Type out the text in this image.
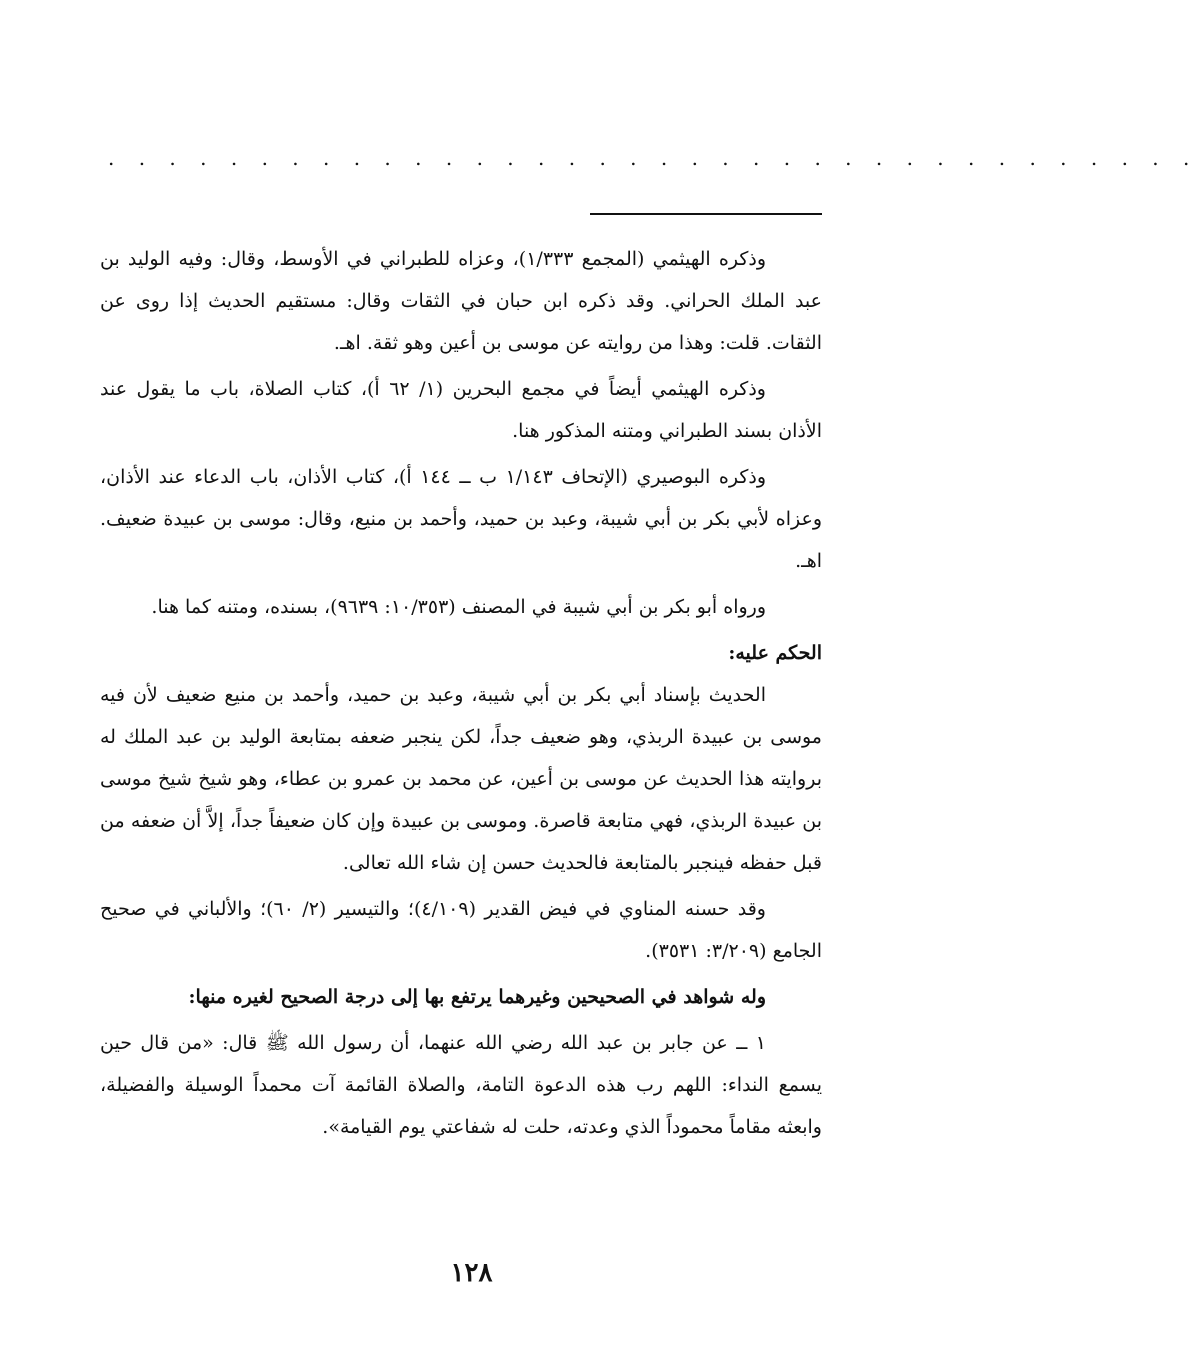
. . . . . . . . . . . . . . . . . . . . . . . . . . . . . . . . . . . .

وذكره الهيثمي (المجمع ١/٣٣٣)، وعزاه للطبراني في الأوسط، وقال: وفيه الوليد بن عبد الملك الحراني. وقد ذكره ابن حبان في الثقات وقال: مستقيم الحديث إذا روى عن الثقات. قلت: وهذا من روايته عن موسى بن أعين وهو ثقة. اهـ.

وذكره الهيثمي أيضاً في مجمع البحرين (١/ ٦٢ أ)، كتاب الصلاة، باب ما يقول عند الأذان بسند الطبراني ومتنه المذكور هنا.

وذكره البوصيري (الإتحاف ١/١٤٣ ب ــ ١٤٤ أ)، كتاب الأذان، باب الدعاء عند الأذان، وعزاه لأبي بكر بن أبي شيبة، وعبد بن حميد، وأحمد بن منيع، وقال: موسى بن عبيدة ضعيف. اهـ.

ورواه أبو بكر بن أبي شيبة في المصنف (١٠/٣٥٣: ٩٦٣٩)، بسنده، ومتنه كما هنا.

الحكم عليه:

الحديث بإسناد أبي بكر بن أبي شيبة، وعبد بن حميد، وأحمد بن منيع ضعيف لأن فيه موسى بن عبيدة الربذي، وهو ضعيف جداً، لكن ينجبر ضعفه بمتابعة الوليد بن عبد الملك له بروايته هذا الحديث عن موسى بن أعين، عن محمد بن عمرو بن عطاء، وهو شيخ شيخ موسى بن عبيدة الربذي، فهي متابعة قاصرة. وموسى بن عبيدة وإن كان ضعيفاً جداً، إلاَّ أن ضعفه من قبل حفظه فينجبر بالمتابعة فالحديث حسن إن شاء الله تعالى.

وقد حسنه المناوي في فيض القدير (٤/١٠٩)؛ والتيسير (٢/ ٦٠)؛ والألباني في صحيح الجامع (٣/٢٠٩: ٣٥٣١).

وله شواهد في الصحيحين وغيرهما يرتفع بها إلى درجة الصحيح لغيره منها:

١ ــ عن جابر بن عبد الله رضي الله عنهما، أن رسول الله ﷺ قال: «من قال حين يسمع النداء: اللهم رب هذه الدعوة التامة، والصلاة القائمة آت محمداً الوسيلة والفضيلة، وابعثه مقاماً محموداً الذي وعدته، حلت له شفاعتي يوم القيامة».

١٢٨
